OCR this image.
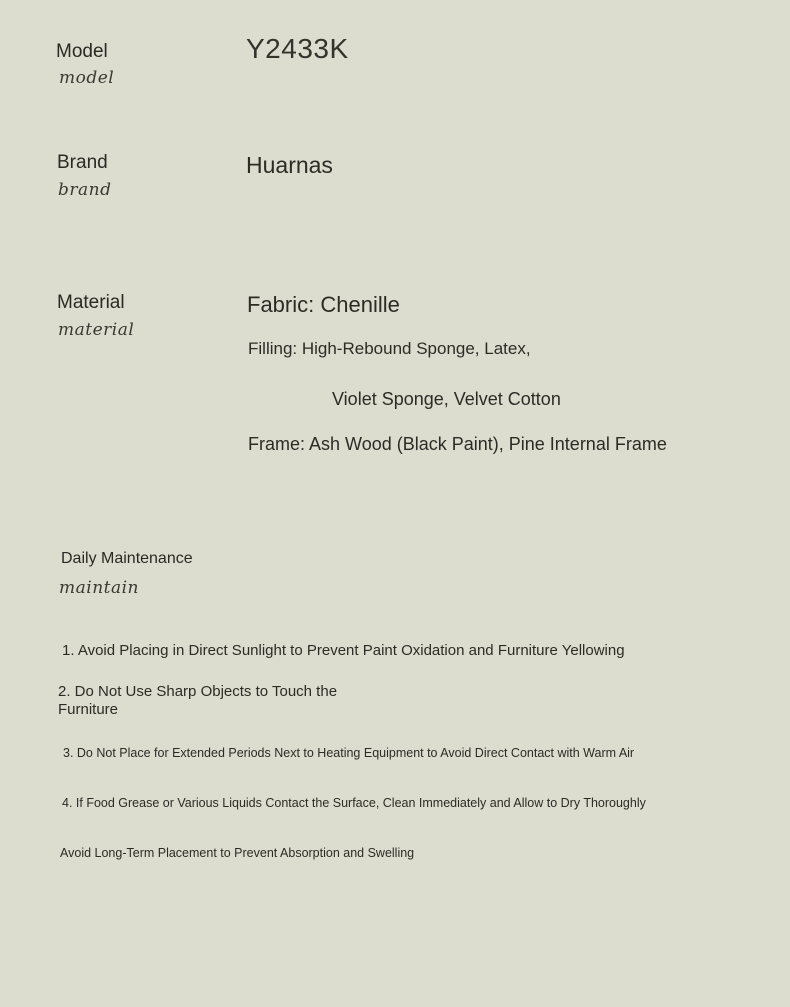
Model
model
Y2433K
Brand
brand
Huarnas
Material
material
Fabric: Chenille
Filling: High-Rebound Sponge, Latex,
Violet Sponge, Velvet Cotton
Frame: Ash Wood (Black Paint), Pine Internal Frame
Daily Maintenance
maintain
1. Avoid Placing in Direct Sunlight to Prevent Paint Oxidation and Furniture Yellowing
2. Do Not Use Sharp Objects to Touch the Furniture
3. Do Not Place for Extended Periods Next to Heating Equipment to Avoid Direct Contact with Warm Air
4. If Food Grease or Various Liquids Contact the Surface, Clean Immediately and Allow to Dry Thoroughly
Avoid Long-Term Placement to Prevent Absorption and Swelling
